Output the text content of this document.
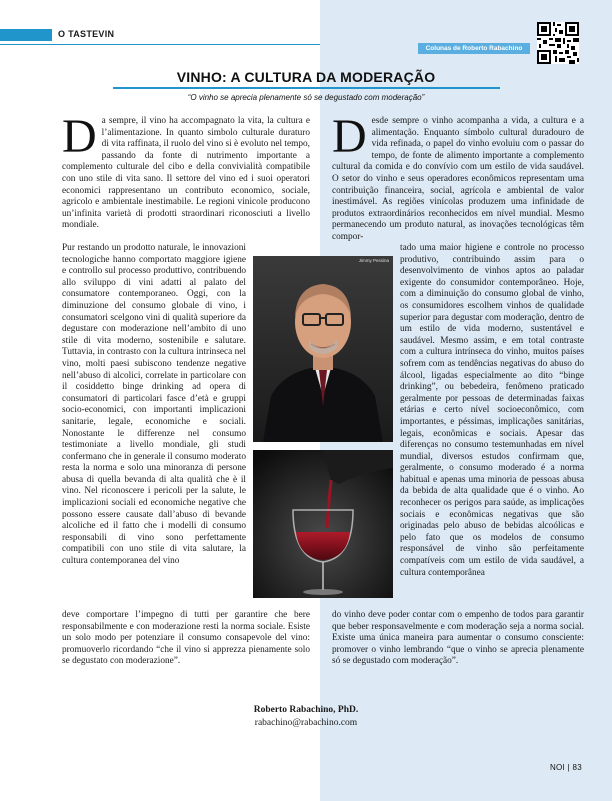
O TASTEVIN
Colunas de Roberto Rabachino
VINHO: A CULTURA DA MODERAÇÃO
“O vinho se aprecia plenamente só se degustado com moderação”
Da sempre, il vino ha accompagnato la vita, la cultura e l’alimentazione. In quanto simbolo culturale duraturo di vita raffinata, il ruolo del vino si è evoluto nel tempo, passando da fonte di nutrimento importante a complemento culturale del cibo e della convivialità compatibile con uno stile di vita sano. Il settore del vino ed i suoi operatori economici rappresentano un contributo economico, sociale, agricolo e ambientale inestimabile. Le regioni vinicole producono un’infinita varietà di prodotti straordinari riconosciuti a livello mondiale.
Pur restando un prodotto naturale, le innovazioni tecnologiche hanno comportato maggiore igiene e controllo sul processo produttivo, contribuendo allo sviluppo di vini adatti al palato del consumatore contemporaneo. Oggi, con la diminuzione del consumo globale di vino, i consumatori scelgono vini di qualità superiore da degustare con moderazione nell’ambito di uno stile di vita moderno, sostenibile e salutare. Tuttavia, in contrasto con la cultura intrinseca nel vino, molti paesi subiscono tendenze negative nell’abuso di alcolici, correlate in particolare con il cosiddetto binge drinking ad opera di consumatori di particolari fasce d’età e gruppi socio-economici, con importanti implicazioni sanitarie, legale, economiche e sociali. Nonostante le differenze nel consumo testimoniate a livello mondiale, gli studi confermano che in generale il consumo moderato resta la norma e solo una minoranza di persone abusa di quella bevanda di alta qualità che è il vino. Nel riconoscere i pericoli per la salute, le implicazioni sociali ed economiche negative che possono essere causate dall’abuso di bevande alcoliche ed il fatto che i modelli di consumo responsabili di vino sono perfettamente compatibili con uno stile di vita salutare, la cultura contemporanea del vino
deve comportare l’impegno di tutti per garantire che bere responsabilmente e con moderazione resti la norma sociale. Esiste un solo modo per potenziare il consumo consapevole del vino: promuoverlo ricordando “che il vino si apprezza pienamente solo se degustato con moderazione”.
Desde sempre o vinho acompanha a vida, a cultura e a alimentação. Enquanto símbolo cultural duradouro de vida refinada, o papel do vinho evoluiu com o passar do tempo, de fonte de alimento importante a complemento cultural da comida e do convívio com um estilo de vida saudável. O setor do vinho e seus operadores econômicos representam uma contribuição financeira, social, agrícola e ambiental de valor inestimável. As regiões vinícolas produzem uma infinidade de produtos extraordinários reconhecidos em nível mundial. Mesmo permanecendo um produto natural, as inovações tecnológicas têm compor-
tado uma maior higiene e controle no processo produtivo, contribuindo assim para o desenvolvimento de vinhos aptos ao paladar exigente do consumidor contemporâneo. Hoje, com a diminuição do consumo global de vinho, os consumidores escolhem vinhos de qualidade superior para degustar com moderação, dentro de um estilo de vida moderno, sustentável e saudável. Mesmo assim, e em total contraste com a cultura intrínseca do vinho, muitos países sofrem com as tendências negativas do abuso do álcool, ligadas especialmente ao dito “binge drinking”, ou bebedeira, fenômeno praticado geralmente por pessoas de determinadas faixas etárias e certo nível socioeconômico, com importantes, e péssimas, implicações sanitárias, legais, econômicas e sociais. Apesar das diferenças no consumo testemunhadas em nível mundial, diversos estudos confirmam que, geralmente, o consumo moderado é a norma habitual e apenas uma minoria de pessoas abusa da bebida de alta qualidade que é o vinho. Ao reconhecer os perigos para saúde, as implicações sociais e econômicas negativas que são originadas pelo abuso de bebidas alcoólicas e pelo fato que os modelos de consumo responsável de vinho são perfeitamente compatíveis com um estilo de vida saudável, a cultura contemporânea
do vinho deve poder contar com o empenho de todos para garantir que beber responsavelmente e com moderação seja a norma social. Existe uma única maneira para aumentar o consumo consciente: promover o vinho lembrando “que o vinho se aprecia plenamente só se degustado com moderação”.
Jimmy Pessina
Roberto Rabachino, PhD.
rabachino@rabachino.com
NOI | 83
